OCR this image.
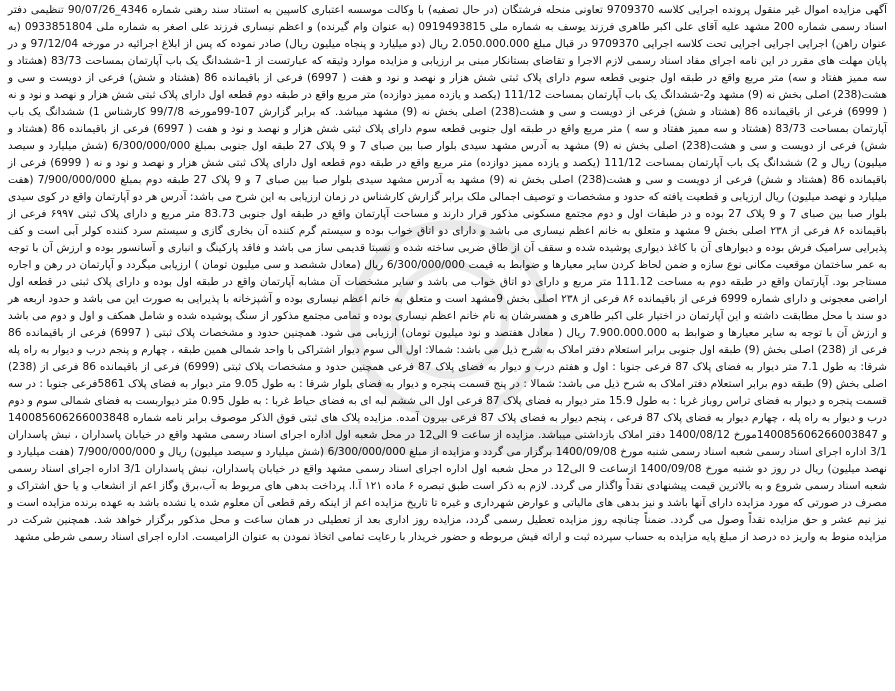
آگهی مزایده اموال غیر منقول پرونده اجرایی کلاسه 9709370 تعاونی منحله فرشتگان (در حال تصفیه) با وکالت موسسه اعتباری کاسپین به استناد سند رهنی شماره 4346_90/07/26 تنظیمی دفتر اسناد رسمی شماره 200 مشهد علیه آقای علی اکبر طاهری فرزند یوسف به شماره ملی 0919493815 (به عنوان وام گیرنده) و اعظم نیساری فرزند علی اصغر به شماره ملی 0933851804 (به عنوان راهن) اجرایی اجرایی اجرایی تحت کلاسه اجرایی 9709370 در قبال مبلغ 2.050.000.000 ریال (دو میلیارد و پنجاه میلیون ریال) صادر نموده که پس از ابلاغ اجرائیه در مورخه 97/12/04 و در پایان مهلت های مقرر در این نامه اجرای مفاد اسناد رسمی لازم الاجرا و تقاضای بستانکار مبنی بر ارزیابی و مزایده موارد وثیقه که عبارتست از 1-ششدانگ یک باب آپارتمان بمساحت 83/73 (هشتاد و سه ممیز هفتاد و سه) متر مربع واقع در طبقه اول جنوبی قطعه سوم دارای پلاک ثبتی شش هزار و نهصد و نود و هفت ( 6997) فرعی از باقیمانده 86 (هشتاد و شش) فرعی از دویست و سی و هشت(238) اصلی بخش نه (9) مشهد و2-ششدانگ یک باب آپارتمان بمساحت 111/12 (یکصد و یازده ممیز دوازده) متر مربع واقع در طبقه دوم قطعه اول دارای پلاک ثبتی شش هزار و نهصد و نود و نه ( 6999) فرعی از باقیمانده 86 (هشتاد و شش) فرعی از دویست و سی و هشت(238) اصلی بخش نه (9) مشهد میباشد. که برابر گزارش 107-99مورخه 99/7/8 کارشناس 1) ششدانگ یک باب آپارتمان بمساحت 83/73 (هشتاد و سه ممیز هفتاد و سه ) متر مربع واقع در طبقه اول جنوبی قطعه سوم دارای پلاک ثبتی شش هزار و نهصد و نود و هفت ( 6997) فرعی از باقیمانده 86 (هشتاد و شش) فرعی از دویست و سی و هشت(238) اصلی بخش نه (9) مشهد به آدرس مشهد سیدی بلوار صبا بین صبای 7 و 9 پلاک 27 طبقه اول جنوبی بمبلغ 6/300/000/000 (شش میلیارد و سیصد میلیون) ریال و 2) ششدانگ یک باب آپارتمان بمساحت 111/12 (یکصد و یازده ممیز دوازده) متر مربع واقع در طبقه دوم قطعه اول دارای پلاک ثبتی شش هزار و نهصد و نود و نه ( 6999) فرعی از باقیمانده 86 (هشتاد و شش) فرعی از دویست و سی و هشت(238) اصلی بخش نه (9) مشهد به آدرس مشهد سیدی بلوار صبا بین صبای 7 و 9 پلاک 27 طبقه دوم بمبلغ 7/900/000/000 (هفت میلیارد و نهصد میلیون) ریال ارزیابی و قطعیت یافته که حدود و مشخصات و توصیف اجمالی ملک برابر گزارش کارشناس در زمان ارزیابی به این شرح می باشد: آدرس هر دو آپارتمان واقع در کوی سیدی بلوار صبا بین صبای 7 و 9 پلاک 27 بوده و در طبقات اول و دوم مجتمع مسکونی مذکور قرار دارند و مساحت آپارتمان واقع در طبقه اول جنوبی 83.73 متر مربع و دارای پلاک ثبتی ۶۹۹۷ فرعی از باقیمانده ۸۶ فرعی از ۲۳۸ اصلی بخش 9 مشهد و متعلق به خانم اعظم نیساری می باشد و دارای دو اتاق خواب بوده و سیستم گرم کننده آن بخاری گازی و سیستم سرد کننده کولر آبی است و کف پذیرایی سرامیک فرش بوده و دیوارهای آن با کاغذ دیواری پوشیده شده و سقف آن از طاق ضربی ساخته شده و نسبتا قدیمی ساز می باشد و فاقد پارکینگ و انباری و آسانسور بوده و ارزش آن با توجه به عمر ساختمان موقعیت مکانی نوع سازه و ضمن لحاظ کردن سایر معیارها و ضوابط به قیمت 6/300/000/000 ریال (معادل ششصد و سی میلیون تومان ) ارزیابی میگردد و آپارتمان در رهن و اجاره مستاجر بود. آپارتمان واقع در طبقه دوم به مساحت 111.12 متر مربع و دارای دو اتاق خواب می باشد و سایر مشخصات آن مشابه آپارتمان واقع در طبقه اول بوده و دارای پلاک ثبتی در قطعه اول اراضی معجونی و دارای شماره 6999 فرعی از باقیمانده ۸۶ فرعی از ۲۳۸ اصلی بخش 9مشهد است و متعلق به خانم اعظم نیساری بوده و آشپزخانه با پذیرایی به صورت این می باشد و حدود اربعه هر دو سند با محل مطابقت داشته و این آپارتمان در اختیار علی اکبر طاهری و همسرشان به نام خانم اعظم نیساری بوده و تمامی مجتمع مذکور از سنگ پوشیده شده و شامل همکف و اول و دوم می باشد و ارزش آن با توجه به سایر معیارها و ضوابط به 7.900.000.000 ریال ( معادل هفتصد و نود میلیون تومان) ارزیابی می شود. همچنین حدود و مشخصات پلاک ثبتی ( 6997) فرعی از باقیمانده 86 فرعی از (238) اصلی بخش (9) طبقه اول جنوبی برابر استعلام دفتر املاک به شرح ذیل می باشد: شمالا: اول الی سوم دیوار اشتراکی با واحد شمالی همین طبقه ، چهارم و پنجم درب و دیوار به راه پله شرقا: به طول 7.1 متر دیوار به فضای پلاک 87 فرعی جنوبا : اول و هفتم درب و دیوار به فضای پلاک 87 فرعی همچنین حدود و مشخصات پلاک ثبتی (6999) فرعی از باقیمانده 86 فرعی از (238) اصلی بخش (9) طبقه دوم برابر استعلام دفتر املاک به شرح ذیل می باشد: شمالا : در پنج قسمت پنجره و دیوار به فضای بلوار شرقا : به طول 9.05 متر دیوار به فضای پلاک 5861فرعی جنوبا : در سه قسمت پنجره و دیوار به فضای تراس روباز غربا : به طول 15.9 متر دیوار به فضای پلاک 87 فرعی اول الی ششم لبه ای به فضای حیاط غربا : به طول 0.95 متر دیواربست به فضای شمالی سوم و دوم درب و دیوار به راه پله ، چهارم دیوار به فضای پلاک 87 فرعی ، پنجم دیوار به فضای پلاک 87 فرعی بیرون آمده. مزایده پلاک های ثبتی فوق الذکر موصوف برابر نامه شماره 140085606266003848 و 140085606266003847مورخ 1400/08/12 دفتر املاک بازداشتی میباشد. مزایده از ساعت 9 الی12 در محل شعبه اول اداره اجرای اسناد رسمی مشهد واقع در خیابان پاسداران ، نبش پاسداران 3/1 اداره اجرای اسناد رسمی شعبه اسناد رسمی شنبه مورخ 1400/09/08 برگزار می گردد و مزایده از مبلغ 6/300/000/000 (شش میلیارد و سیصد میلیون) ریال و 7/900/000/000 (هفت میلیارد و نهصد میلیون) ریال در روز دو شنبه مورخ 1400/09/08 ازساعت 9 الی12 در محل شعبه اول اداره اجرای اسناد رسمی مشهد واقع در خیابان پاسداران، نبش پاسداران 3/1 اداره اجرای اسناد رسمی شعبه اسناد رسمی شروع و به بالاترین قیمت پیشنهادی نقداً واگذار می گردد. لازم به ذکر است طبق تبصره ۶ ماده ۱۲۱ آ.ا. پرداخت بدهی های مربوط به آب،برق وگاز اعم از انشعاب و یا حق اشتراک و مصرف در صورتی که مورد مزایده دارای آنها باشد و نیز بدهی های مالیاتی و عوارض شهرداری و غیره تا تاریخ مزایده اعم از اینکه رقم قطعی آن معلوم شده یا نشده باشد به عهده برنده مزایده است و نیز نیم عشر و حق مزایده نقداً وصول می گردد. ضمناً چنانچه روز مزایده تعطیل رسمی گردد، مزایده روز اداری بعد از تعطیلی در همان ساعت و محل مذکور برگزار خواهد شد. همچنین شرکت در مزایده منوط به واریز ده درصد از مبلغ پایه مزایده به حساب سپرده ثبت و ارائه فیش مربوطه و حضور خریدار با رعایت تمامی اتخاذ نمودن به عنوان الزامیست. اداره اجرای اسناد رسمی شرطی مشهد
